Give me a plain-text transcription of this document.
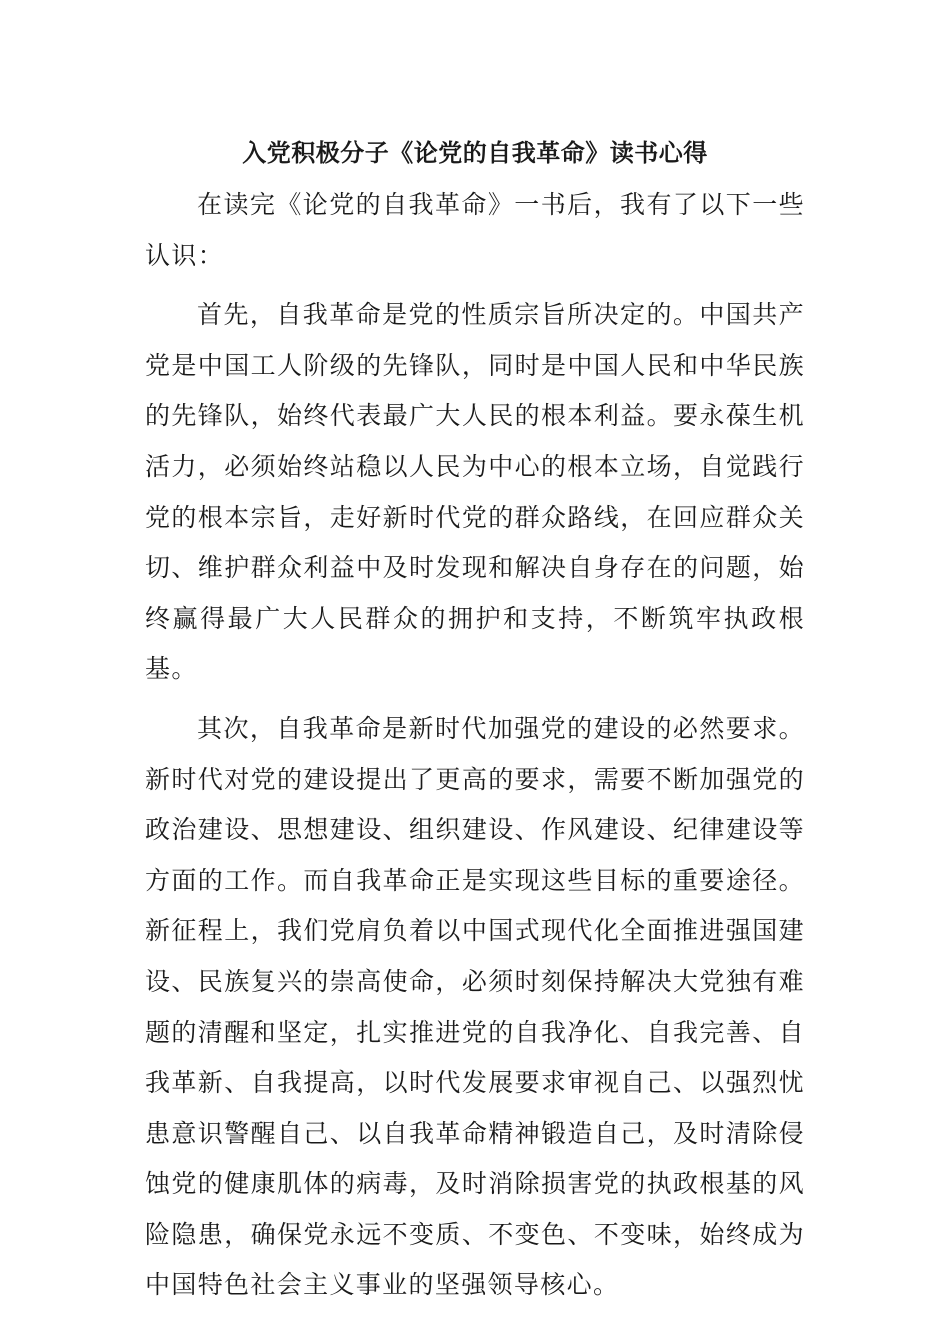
入党积极分子《论党的自我革命》读书心得

在读完《论党的自我革命》一书后，我有了以下一些认识：

首先，自我革命是党的性质宗旨所决定的。中国共产党是中国工人阶级的先锋队，同时是中国人民和中华民族的先锋队，始终代表最广大人民的根本利益。要永葆生机活力，必须始终站稳以人民为中心的根本立场，自觉践行党的根本宗旨，走好新时代党的群众路线，在回应群众关切、维护群众利益中及时发现和解决自身存在的问题，始终赢得最广大人民群众的拥护和支持，不断筑牢执政根基。

其次，自我革命是新时代加强党的建设的必然要求。新时代对党的建设提出了更高的要求，需要不断加强党的政治建设、思想建设、组织建设、作风建设、纪律建设等方面的工作。而自我革命正是实现这些目标的重要途径。新征程上，我们党肩负着以中国式现代化全面推进强国建设、民族复兴的崇高使命，必须时刻保持解决大党独有难题的清醒和坚定，扎实推进党的自我净化、自我完善、自我革新、自我提高，以时代发展要求审视自己、以强烈忧患意识警醒自己、以自我革命精神锻造自己，及时清除侵蚀党的健康肌体的病毒，及时消除损害党的执政根基的风险隐患，确保党永远不变质、不变色、不变味，始终成为中国特色社会主义事业的坚强领导核心。
